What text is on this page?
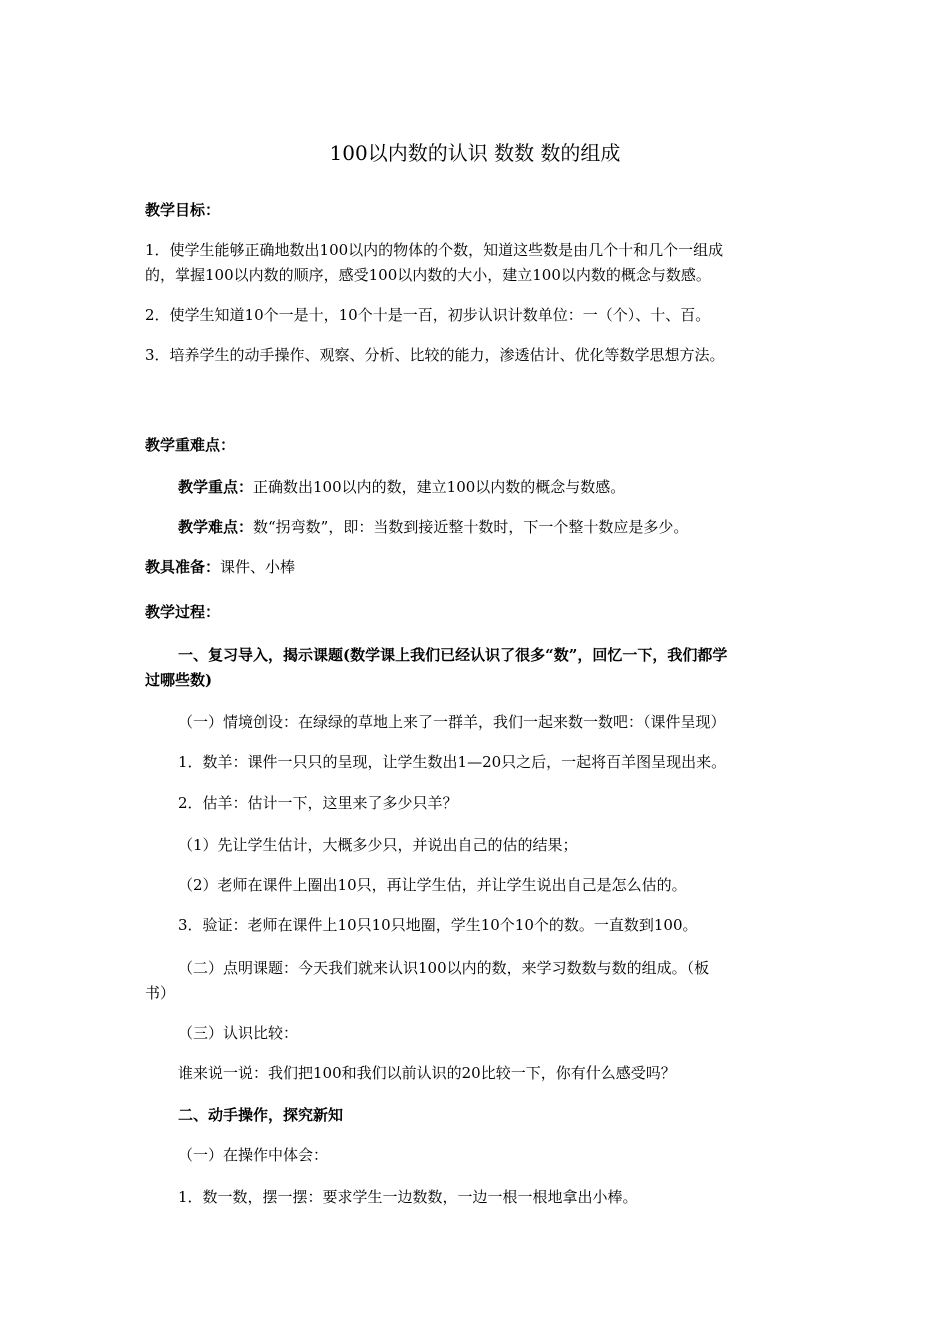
100以内数的认识 数数 数的组成
教学目标：
1．使学生能够正确地数出100以内的物体的个数，知道这些数是由几个十和几个一组成
的，掌握100以内数的顺序，感受100以内数的大小，建立100以内数的概念与数感。
2．使学生知道10个一是十，10个十是一百，初步认识计数单位：一（个）、十、百。
3．培养学生的动手操作、观察、分析、比较的能力，渗透估计、优化等数学思想方法。
教学重难点：
教学重点：正确数出100以内的数，建立100以内数的概念与数感。
教学难点：数“拐弯数”，即：当数到接近整十数时，下一个整十数应是多少。
教具准备：课件、小棒
教学过程：
一、复习导入，揭示课题(数学课上我们已经认识了很多“数”，回忆一下，我们都学
过哪些数)
（一）情境创设：在绿绿的草地上来了一群羊，我们一起来数一数吧：（课件呈现）
1．数羊：课件一只只的呈现，让学生数出1—20只之后，一起将百羊图呈现出来。
2．估羊：估计一下，这里来了多少只羊？
（1）先让学生估计，大概多少只，并说出自己的估的结果；
（2）老师在课件上圈出10只，再让学生估，并让学生说出自己是怎么估的。
3．验证：老师在课件上10只10只地圈，学生10个10个的数。一直数到100。
（二）点明课题：今天我们就来认识100以内的数，来学习数数与数的组成。（板
书）
（三）认识比较：
谁来说一说：我们把100和我们以前认识的20比较一下，你有什么感受吗？
二、动手操作，探究新知
（一）在操作中体会：
1．数一数，摆一摆：要求学生一边数数，一边一根一根地拿出小棒。
